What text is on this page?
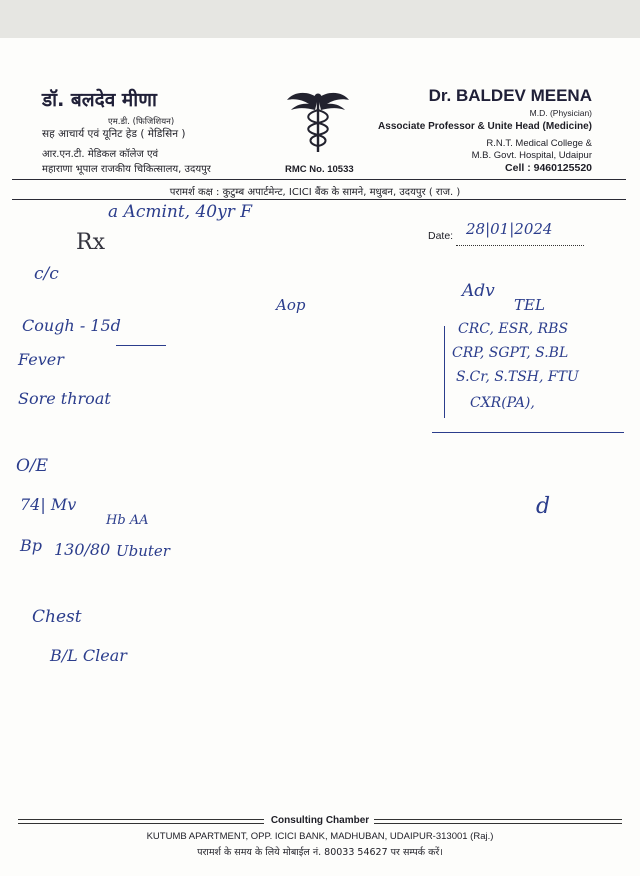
डॉ. बलदेव मीणा
एम.डी. (फिजिशियन)
सह आचार्य एवं यूनिट हेड ( मेडिसिन )
आर.एन.टी. मेडिकल कॉलेज एवं
महाराणा भूपाल राजकीय चिकित्सालय, उदयपुर
Dr. BALDEV MEENA
M.D. (Physician)
Associate Professor & Unite Head (Medicine)
R.N.T. Medical College &
M.B. Govt. Hospital, Udaipur
Cell : 9460125520
RMC No. 10533
परामर्श कक्ष : कुटुम्ब अपार्टमेन्ट, ICICI बैंक के सामने, मधुबन, उदयपुर ( राज. )
Rx	Date:
a Acmint, 40yr F
28|01|2024
c/c
Cough - 15d
Fever
Sore throat
O/E
74| Mv
Hb AA
Bp 130/80 Ubuter
Chest
B/L Clear
Aop
Adv
TEL
CRC, ESR, RBS
CRP, SGPT, S.BL
S.Cr, S.TSH, FTU
CXR(PA),
d
Consulting Chamber
KUTUMB APARTMENT, OPP. ICICI BANK, MADHUBAN, UDAIPUR-313001 (Raj.)
परामर्श के समय के लिये मोबाईल नं. 80033 54627 पर सम्पर्क करें।
